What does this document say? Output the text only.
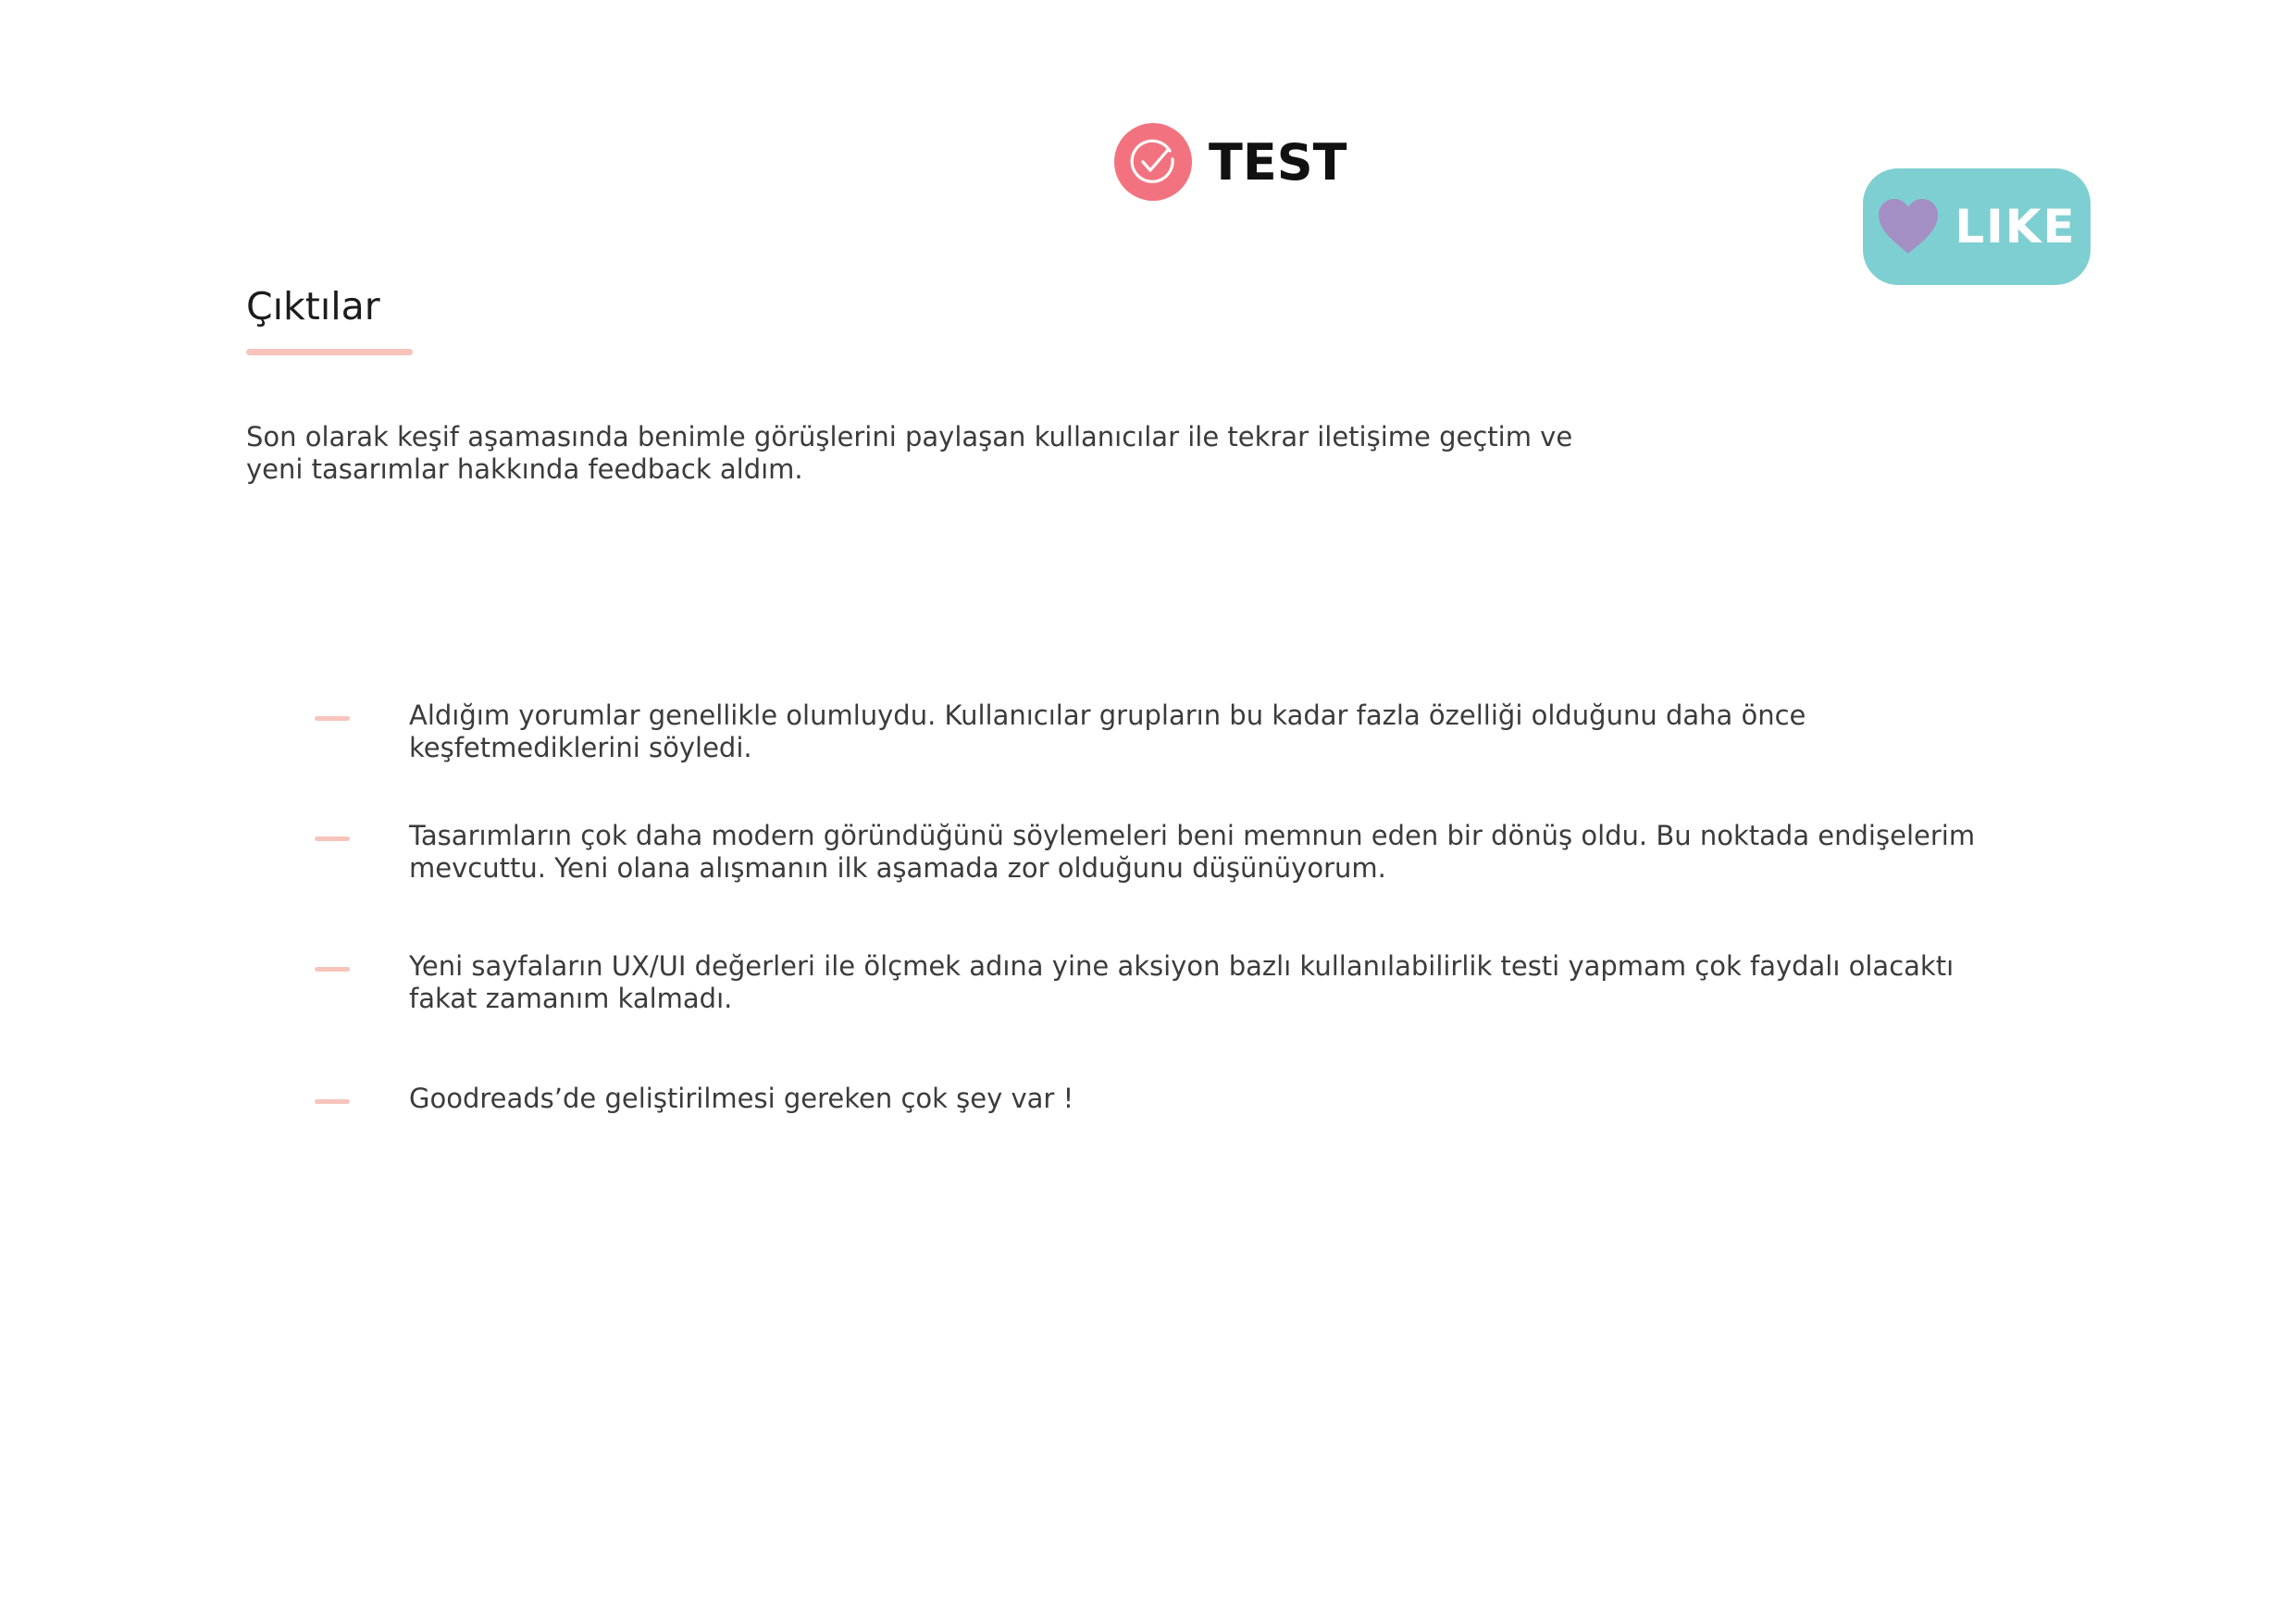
TEST
LIKE
Çıktılar

Son olarak keşif aşamasında benimle görüşlerini paylaşan kullanıcılar ile tekrar iletişime geçtim ve yeni tasarımlar hakkında feedback aldım.

Aldığım yorumlar genellikle olumluydu. Kullanıcılar grupların bu kadar fazla özelliği olduğunu daha önce keşfetmediklerini söyledi.
Tasarımların çok daha modern göründüğünü söylemeleri beni memnun eden bir dönüş oldu. Bu noktada endişelerim mevcuttu. Yeni olana alışmanın ilk aşamada zor olduğunu düşünüyorum.
Yeni sayfaların UX/UI değerleri ile ölçmek adına yine aksiyon bazlı kullanılabilirlik testi yapmam çok faydalı olacaktı fakat zamanım kalmadı.
Goodreads’de geliştirilmesi gereken çok şey var !
